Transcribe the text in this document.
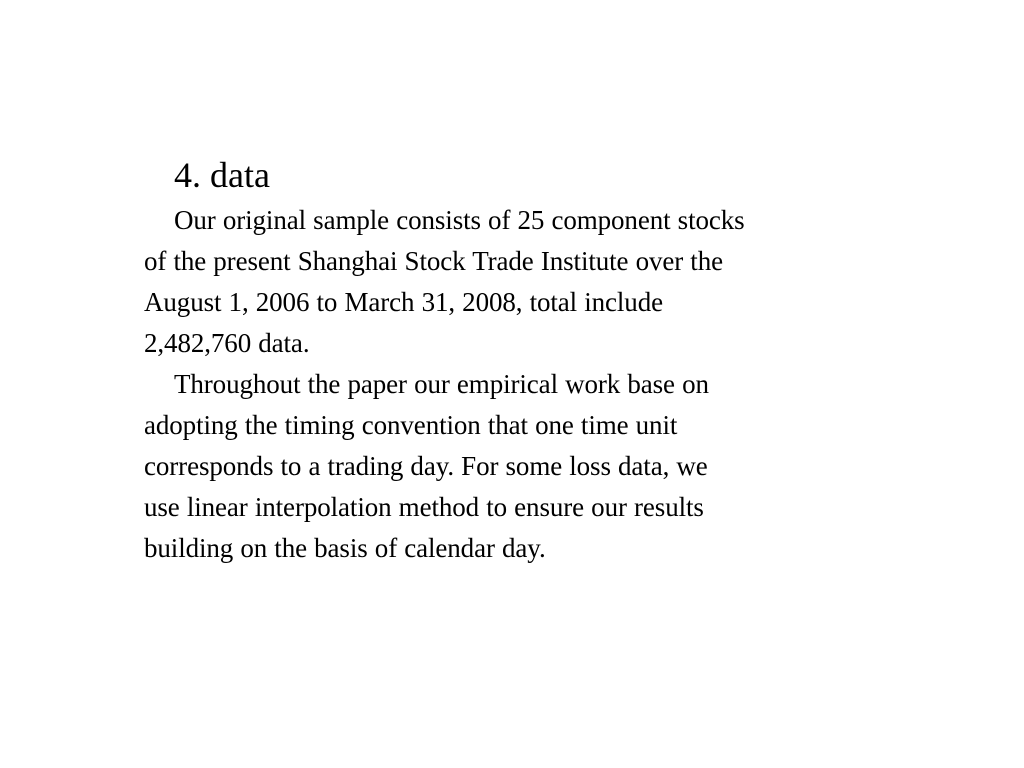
4. data

Our original sample consists of 25 component stocks
of the present Shanghai Stock Trade Institute over the
August 1, 2006 to March 31, 2008, total include
2,482,760 data.

Throughout the paper our empirical work base on
adopting the timing convention that one time unit
corresponds to a trading day. For some loss data, we
use linear interpolation method to ensure our results
building on the basis of calendar day.
